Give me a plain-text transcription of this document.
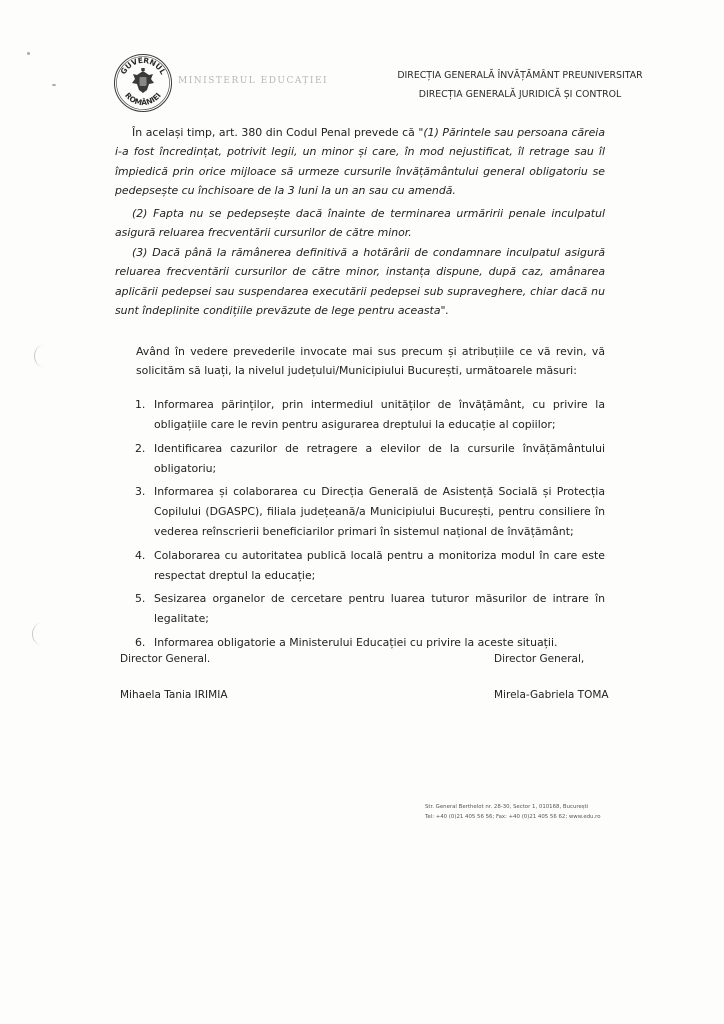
GUVERNUL
ROMÂNIEI
MINISTERUL EDUCAȚIEI	DIRECȚIA GENERALĂ ÎNVĂȚĂMÂNT PREUNIVERSITAR
DIRECȚIA GENERALĂ JURIDICĂ ȘI CONTROL
În același timp, art. 380 din Codul Penal prevede că "(1) Părintele sau persoana căreia i-a fost încredințat, potrivit legii, un minor și care, în mod nejustificat, îl retrage sau îl împiedică prin orice mijloace să urmeze cursurile învățământului general obligatoriu se pedepsește cu închisoare de la 3 luni la un an sau cu amendă.
(2) Fapta nu se pedepsește dacă înainte de terminarea urmăririi penale inculpatul asigură reluarea frecventării cursurilor de către minor.
(3) Dacă până la rămânerea definitivă a hotărârii de condamnare inculpatul asigură reluarea frecventării cursurilor de către minor, instanța dispune, după caz, amânarea aplicării pedepsei sau suspendarea executării pedepsei sub supraveghere, chiar dacă nu sunt îndeplinite condițiile prevăzute de lege pentru aceasta".
Având în vedere prevederile invocate mai sus precum și atribuțiile ce vă revin, vă solicităm să luați, la nivelul județului/Municipiului București, următoarele măsuri:
1. Informarea părinților, prin intermediul unităților de învățământ, cu privire la obligațiile care le revin pentru asigurarea dreptului la educație al copiilor;
2. Identificarea cazurilor de retragere a elevilor de la cursurile învățământului obligatoriu;
3. Informarea și colaborarea cu Direcția Generală de Asistență Socială și Protecția Copilului (DGASPC), filiala județeană/a Municipiului București, pentru consiliere în vederea reînscrierii beneficiarilor primari în sistemul național de învățământ;
4. Colaborarea cu autoritatea publică locală pentru a monitoriza modul în care este respectat dreptul la educație;
5. Sesizarea organelor de cercetare pentru luarea tuturor măsurilor de intrare în legalitate;
6. Informarea obligatorie a Ministerului Educației cu privire la aceste situații.
Director General.
Mihaela Tania IRIMIA
Director General,
Mirela-Gabriela TOMA
Str. General Berthelot nr. 28-30, Sector 1, 010168, București
Tel: +40 (0)21 405 56 56; Fax: +40 (0)21 405 56 62; www.edu.ro
